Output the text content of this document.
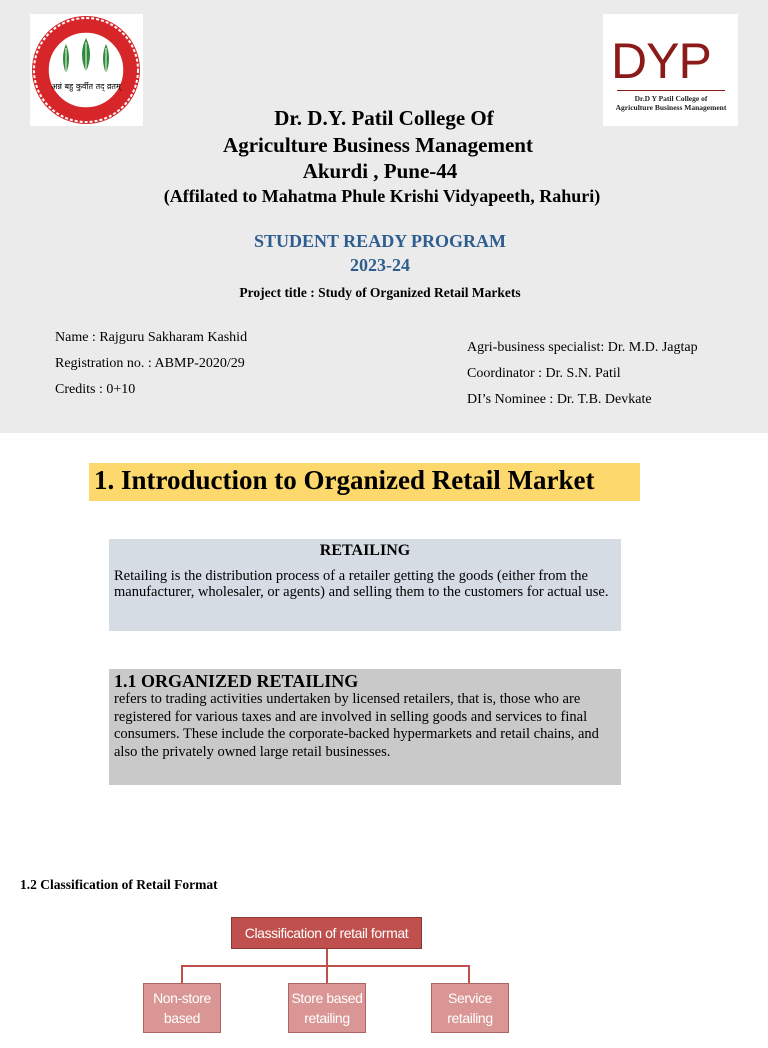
अन्नं बहु कुर्वीत तद् व्रतम्	DYP
Dr.D Y Patil College of
Agriculture Business Management
Dr. D.Y. Patil College Of
Agriculture Business Management
Akurdi , Pune-44
(Affilated to Mahatma Phule Krishi Vidyapeeth, Rahuri)
STUDENT READY PROGRAM
2023-24
Project title : Study of Organized Retail Markets
Name : Rajguru Sakharam Kashid
Registration no. : ABMP-2020/29
Credits : 0+10
Agri-business specialist: Dr. M.D. Jagtap
Coordinator : Dr. S.N. Patil
DI’s Nominee : Dr. T.B. Devkate
1. Introduction to Organized Retail Market
RETAILING
Retailing is the distribution process of a retailer getting the goods (either from the manufacturer, wholesaler, or agents) and selling them to the customers for actual use.
1.1 ORGANIZED RETAILING
refers to trading activities undertaken by licensed retailers, that is, those who are registered for various taxes and are involved in selling goods and services to final consumers. These include the corporate-backed hypermarkets and retail chains, and also the privately owned large retail businesses.
1.2 Classification of Retail Format
Classification of retail format
Non-store based retailing
Store based retailing
Service retailing
